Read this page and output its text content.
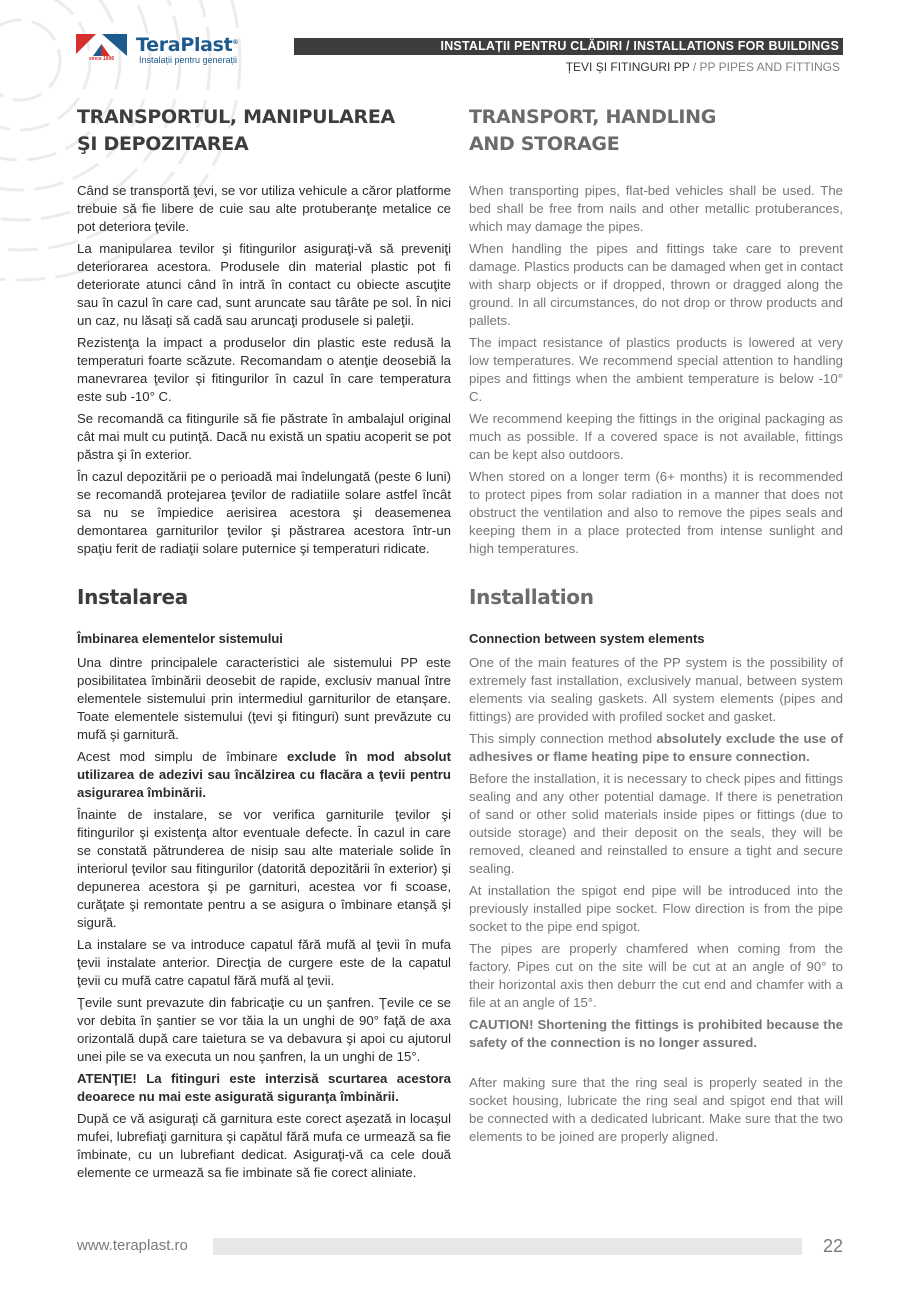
since 1896
TeraPlast®
Instalații pentru generații
INSTALAȚII PENTRU CLĂDIRI / INSTALLATIONS FOR BUILDINGS
ȚEVI ȘI FITINGURI PP / PP PIPES AND FITTINGS
TRANSPORTUL, MANIPULAREA
ŞI DEPOZITAREA

Când se transportă ţevi, se vor utiliza vehicule a căror platforme trebuie să fie libere de cuie sau alte protuberanţe metalice ce pot deteriora ţevile.

La manipularea tevilor şi fitingurilor asiguraţi-vă să preveniţi deteriorarea acestora. Produsele din material plastic pot fi deteriorate atunci când în intră în contact cu obiecte ascuţite sau în cazul în care cad, sunt aruncate sau târâte pe sol. În nici un caz, nu lăsaţi să cadă sau aruncaţi produsele si paleţii.

Rezistenţa la impact a produselor din plastic este redusă la temperaturi foarte scăzute. Recomandam o atenţie deosebiă la manevrarea ţevilor şi fitingurilor în cazul în care temperatura este sub -10° C.

Se recomandă ca fitingurile să fie păstrate în ambalajul original cât mai mult cu putinţă. Dacă nu există un spatiu acoperit se pot păstra şi în exterior.

În cazul depozitării pe o perioadă mai îndelungată (peste 6 luni) se recomandă protejarea ţevilor de radiatiile solare astfel încât sa nu se împiedice aerisirea acestora şi deasemenea demontarea garniturilor ţevilor şi păstrarea acestora într-un spaţiu ferit de radiaţii solare puternice şi temperaturi ridicate.

TRANSPORT, HANDLING
AND STORAGE

When transporting pipes, flat-bed vehicles shall be used. The bed shall be free from nails and other metallic protuberances, which may damage the pipes.

When handling the pipes and fittings take care to prevent damage. Plastics products can be damaged when get in contact with sharp objects or if dropped, thrown or dragged along the ground. In all circumstances, do not drop or throw products and pallets.

The impact resistance of plastics products is lowered at very low temperatures. We recommend special attention to handling pipes and fittings when the ambient temperature is below -10° C.

We recommend keeping the fittings in the original packaging as much as possible. If a covered space is not available, fittings can be kept also outdoors.

When stored on a longer term (6+ months) it is recommended to protect pipes from solar radiation in a manner that does not obstruct the ventilation and also to remove the pipes seals and keeping them in a place protected from intense sunlight and high temperatures.

Instalarea
Îmbinarea elementelor sistemului

Una dintre principalele caracteristici ale sistemului PP este posibilitatea îmbinării deosebit de rapide, exclusiv manual între elementele sistemului prin intermediul garniturilor de etanşare. Toate elementele sistemului (ţevi şi fitinguri) sunt prevăzute cu mufă şi garnitură.

Acest mod simplu de îmbinare exclude în mod absolut utilizarea de adezivi sau încălzirea cu flacăra a ţevii pentru asigurarea îmbinării.

Înainte de instalare, se vor verifica garniturile ţevilor şi fitingurilor şi existenţa altor eventuale defecte. În cazul in care se constată pătrunderea de nisip sau alte materiale solide în interiorul ţevilor sau fitingurilor (datorită depozitării în exterior) şi depunerea acestora şi pe garnituri, acestea vor fi scoase, curăţate şi remontate pentru a se asigura o îmbinare etanşă şi sigură.

La instalare se va introduce capatul fără mufă al ţevii în mufa ţevii instalate anterior. Direcţia de curgere este de la capatul ţevii cu mufă catre capatul fără mufă al ţevii.

Ţevile sunt prevazute din fabricaţie cu un şanfren. Ţevile ce se vor debita în şantier se vor tăia la un unghi de 90° faţă de axa orizontală după care taietura se va debavura şi apoi cu ajutorul unei pile se va executa un nou şanfren, la un unghi de 15°.

ATENŢIE! La fitinguri este interzisă scurtarea acestora deoarece nu mai este asigurată siguranţa îmbinării.

După ce vă asiguraţi că garnitura este corect aşezată in locaşul mufei, lubrefiaţi garnitura şi capătul fără mufa ce urmează sa fie îmbinate, cu un lubrefiant dedicat. Asiguraţi-vă ca cele două elemente ce urmează sa fie imbinate să fie corect aliniate.

Installation
Connection between system elements

One of the main features of the PP system is the possibility of extremely fast installation, exclusively manual, between system elements via sealing gaskets. All system elements (pipes and fittings) are provided with profiled socket and gasket.

This simply connection method absolutely exclude the use of adhesives or flame heating pipe to ensure connection.

Before the installation, it is necessary to check pipes and fittings sealing and any other potential damage. If there is penetration of sand or other solid materials inside pipes or fittings (due to outside storage) and their deposit on the seals, they will be removed, cleaned and reinstalled to ensure a tight and secure sealing.

At installation the spigot end pipe will be introduced into the previously installed pipe socket. Flow direction is from the pipe socket to the pipe end spigot.

The pipes are properly chamfered when coming from the factory. Pipes cut on the site will be cut at an angle of 90° to their horizontal axis then deburr the cut end and chamfer with a file at an angle of 15°.

CAUTION! Shortening the fittings is prohibited because the safety of the connection is no longer assured.

After making sure that the ring seal is properly seated in the socket housing, lubricate the ring seal and spigot end that will be connected with a dedicated lubricant. Make sure that the two elements to be joined are properly aligned.

www.teraplast.ro	22
